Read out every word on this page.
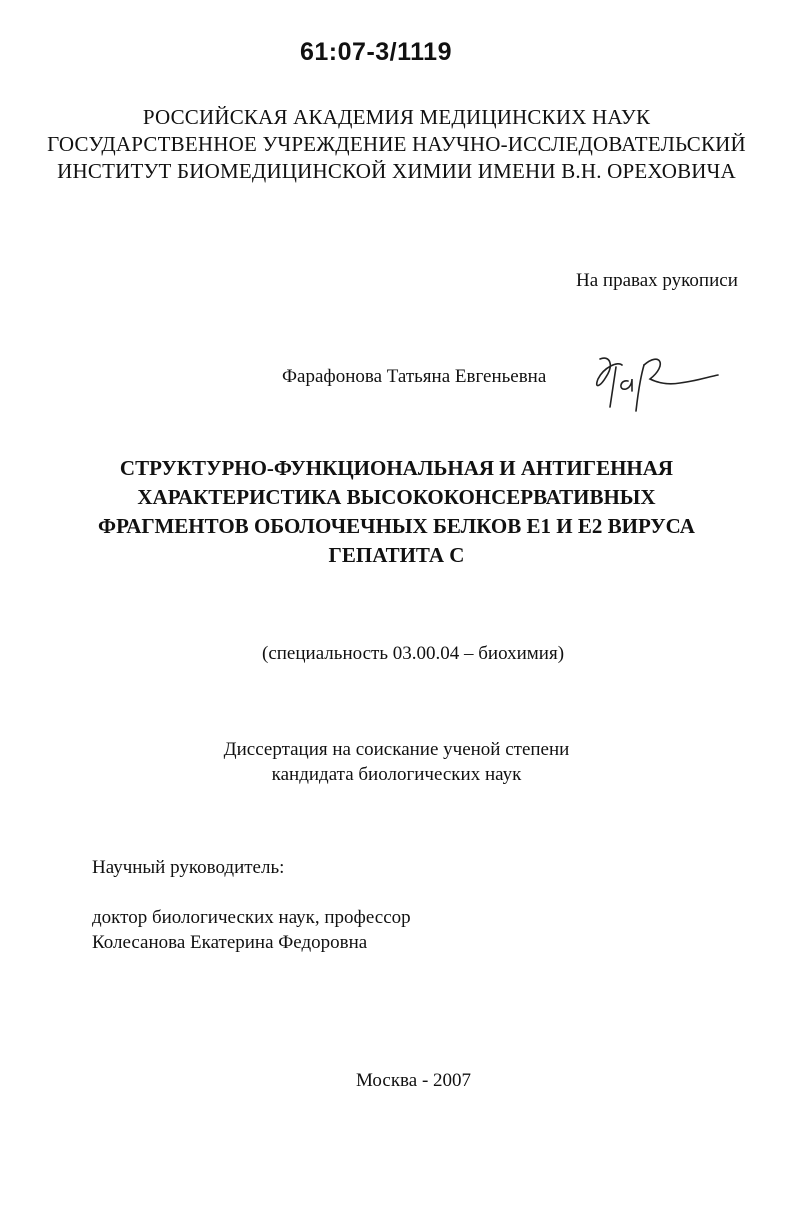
61:07-3/1119
РОССИЙСКАЯ АКАДЕМИЯ МЕДИЦИНСКИХ НАУК
ГОСУДАРСТВЕННОЕ УЧРЕЖДЕНИЕ НАУЧНО-ИССЛЕДОВАТЕЛЬСКИЙ
ИНСТИТУТ БИОМЕДИЦИНСКОЙ ХИМИИ ИМЕНИ В.Н. ОРЕХОВИЧА
На правах рукописи
Фарафонова Татьяна Евгеньевна
СТРУКТУРНО-ФУНКЦИОНАЛЬНАЯ И АНТИГЕННАЯ
ХАРАКТЕРИСТИКА ВЫСОКОКОНСЕРВАТИВНЫХ
ФРАГМЕНТОВ ОБОЛОЧЕЧНЫХ БЕЛКОВ Е1 И Е2 ВИРУСА
ГЕПАТИТА С
(специальность 03.00.04 – биохимия)
Диссертация на соискание ученой степени
кандидата биологических наук
Научный руководитель:
доктор биологических наук, профессор
Колесанова Екатерина Федоровна
Москва - 2007
